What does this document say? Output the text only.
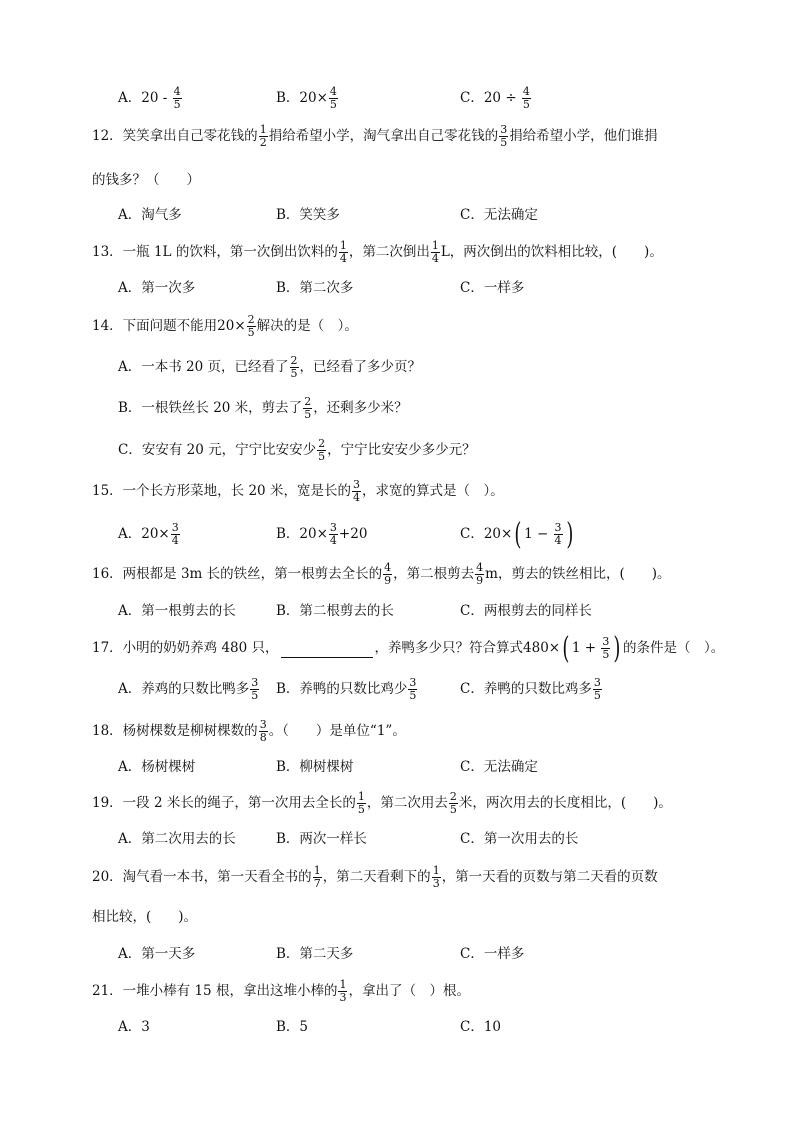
A．$20 - \frac{4}{5}$	B．$20\times \frac{4}{5}$	C．$20 \div \frac{4}{5}$
12．笑笑拿出自己零花钱的 $\frac{1}{2}$ 捐给希望小学，淘气拿出自己零花钱的 $\frac{3}{5}$ 捐给希望小学，他们谁捐
的钱多？（　　）
A．淘气多	B．笑笑多	C．无法确定
13．一瓶 1L 的饮料，第一次倒出饮料的 $\frac{1}{4}$ ，第二次倒出 $\frac{1}{4}$ L，两次倒出的饮料相比较，(　　)。
A．第一次多	B．第二次多	C．一样多
14．下面问题不能用$20\times \frac{2}{5}$ 解决的是（　）。
A．一本书 20 页，已经看了 $\frac{2}{5}$ ，已经看了多少页？
B．一根铁丝长 20 米，剪去了 $\frac{2}{5}$ ，还剩多少米？
C．安安有 20 元，宁宁比安安少 $\frac{2}{5}$ ，宁宁比安安少多少元？
15．一个长方形菜地，长 20 米，宽是长的 $\frac{3}{4}$ ，求宽的算式是（　）。
A．$20\times \frac{3}{4}$	B．$20\times \frac{3}{4} +20$	C．20×( $1 - \frac{3}{4}$ )
16．两根都是 3m 长的铁丝，第一根剪去全长的 $\frac{4}{9}$ ，第二根剪去 $\frac{4}{9}$ m，剪去的铁丝相比，(　　)。
A．第一根剪去的长	B．第二根剪去的长	C．两根剪去的同样长
17．小明的奶奶养鸡 480 只，	，养鸭多少只？符合算式480×( $1 + \frac{3}{5}$ ) 的条件是（　）。
A．养鸡的只数比鸭多 $\frac{3}{5}$ B．养鸭的只数比鸡少 $\frac{3}{5}$	C．养鸭的只数比鸡多 $\frac{3}{5}$
18．杨树棵数是柳树棵数的 $\frac{3}{8}$ 。（　　）是单位“1”。
A．杨树棵树	B．柳树棵树	C．无法确定
19．一段 2 米长的绳子，第一次用去全长的 $\frac{1}{5}$ ，第二次用去 $\frac{2}{5}$ 米，两次用去的长度相比，(　　)。
A．第二次用去的长	B．两次一样长	C．第一次用去的长
20．淘气看一本书，第一天看全书的 $\frac{1}{7}$ ，第二天看剩下的 $\frac{1}{3}$ ，第一天看的页数与第二天看的页数
相比较，(　　)。
A．第一天多	B．第二天多	C．一样多
21．一堆小棒有 15 根，拿出这堆小棒的 $\frac{1}{3}$ ，拿出了（　）根。
A．3	B．5	C．10
